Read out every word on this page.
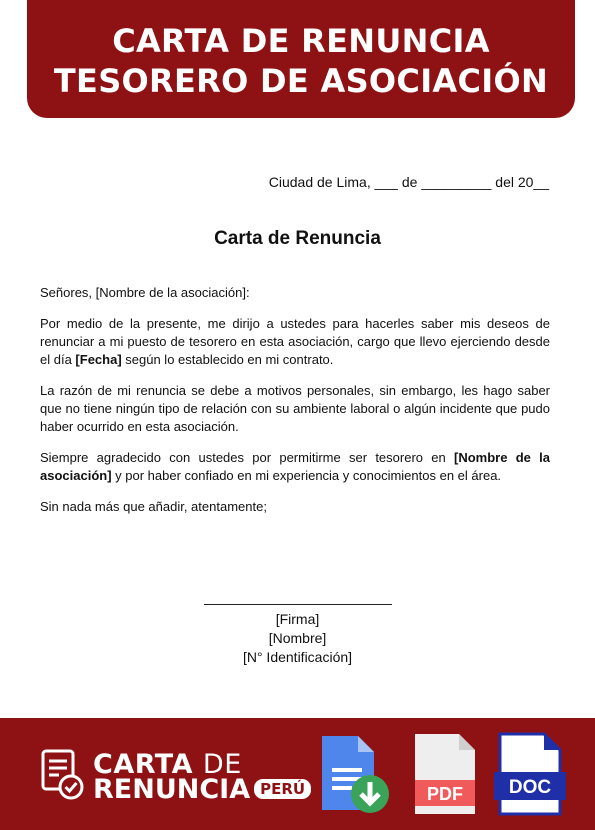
CARTA DE RENUNCIA
TESORERO DE ASOCIACIÓN
Ciudad de Lima, ___ de _________ del 20__
Carta de Renuncia
Señores, [Nombre de la asociación]:
Por medio de la presente, me dirijo a ustedes para hacerles saber mis deseos de renunciar a mi puesto de tesorero en esta asociación, cargo que llevo ejerciendo desde el día [Fecha] según lo establecido en mi contrato.
La razón de mi renuncia se debe a motivos personales, sin embargo, les hago saber que no tiene ningún tipo de relación con su ambiente laboral o algún incidente que pudo haber ocurrido en esta asociación.
Siempre agradecido con ustedes por permitirme ser tesorero en [Nombre de la asociación] y por haber confiado en mi experiencia y conocimientos en el área.
Sin nada más que añadir, atentamente;
[Firma]
[Nombre]
[N° Identificación]
CARTA DE
RENUNCIA PERÚ	PDF DOC
